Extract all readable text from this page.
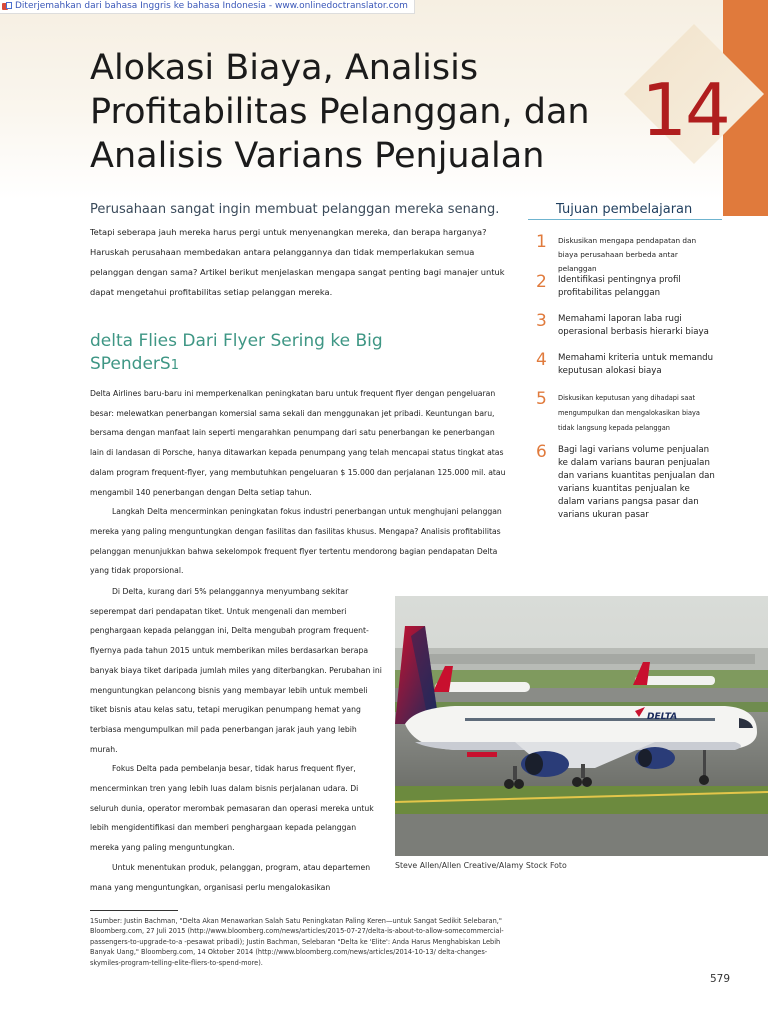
Diterjemahkan dari bahasa Inggris ke bahasa Indonesia - www.onlinedoctranslator.com
14
Alokasi Biaya, Analisis Profitabilitas Pelanggan, dan Analisis Varians Penjualan
Perusahaan sangat ingin membuat pelanggan mereka senang.
Tetapi seberapa jauh mereka harus pergi untuk menyenangkan mereka, dan berapa harganya? Haruskah perusahaan membedakan antara pelanggannya dan tidak memperlakukan semua pelanggan dengan sama? Artikel berikut menjelaskan mengapa sangat penting bagi manajer untuk dapat mengetahui profitabilitas setiap pelanggan mereka.
Tujuan pembelajaran
1	Diskusikan mengapa pendapatan dan biaya perusahaan berbeda antar pelanggan
2	Identifikasi pentingnya profil profitabilitas pelanggan
3	Memahami laporan laba rugi operasional berbasis hierarki biaya
4	Memahami kriteria untuk memandu keputusan alokasi biaya
5	Diskusikan keputusan yang dihadapi saat mengumpulkan dan mengalokasikan biaya tidak langsung kepada pelanggan
6	Bagi lagi varians volume penjualan ke dalam varians bauran penjualan dan varians kuantitas penjualan dan varians kuantitas penjualan ke dalam varians pangsa pasar dan varians ukuran pasar
delta Flies Dari Flyer Sering ke Big SPenderS1

Delta Airlines baru-baru ini memperkenalkan peningkatan baru untuk frequent flyer dengan pengeluaran besar: melewatkan penerbangan komersial sama sekali dan menggunakan jet pribadi. Keuntungan baru, bersama dengan manfaat lain seperti mengarahkan penumpang dari satu penerbangan ke penerbangan lain di landasan di Porsche, hanya ditawarkan kepada penumpang yang telah mencapai status tingkat atas dalam program frequent-flyer, yang membutuhkan pengeluaran $ 15.000 dan perjalanan 125.000 mil. atau mengambil 140 penerbangan dengan Delta setiap tahun.

Langkah Delta mencerminkan peningkatan fokus industri penerbangan untuk menghujani pelanggan mereka yang paling menguntungkan dengan fasilitas dan fasilitas khusus. Mengapa? Analisis profitabilitas pelanggan menunjukkan bahwa sekelompok frequent flyer tertentu mendorong bagian pendapatan Delta yang tidak proporsional.

Di Delta, kurang dari 5% pelanggannya menyumbang sekitar seperempat dari pendapatan tiket. Untuk mengenali dan memberi penghargaan kepada pelanggan ini, Delta mengubah program frequent-flyernya pada tahun 2015 untuk memberikan miles berdasarkan berapa banyak biaya tiket daripada jumlah miles yang diterbangkan. Perubahan ini menguntungkan pelancong bisnis yang membayar lebih untuk membeli tiket bisnis atau kelas satu, tetapi merugikan penumpang hemat yang terbiasa mengumpulkan mil pada penerbangan jarak jauh yang lebih murah.

Fokus Delta pada pembelanja besar, tidak harus frequent flyer, mencerminkan tren yang lebih luas dalam bisnis perjalanan udara. Di seluruh dunia, operator merombak pemasaran dan operasi mereka untuk lebih mengidentifikasi dan memberi penghargaan kepada pelanggan mereka yang paling menguntungkan.

Untuk menentukan produk, pelanggan, program, atau departemen mana yang menguntungkan, organisasi perlu mengalokasikan

DELTA
Steve Allen/Allen Creative/Alamy Stock Foto
1Sumber: Justin Bachman, "Delta Akan Menawarkan Salah Satu Peningkatan Paling Keren—untuk Sangat Sedikit Selebaran," Bloomberg.com, 27 Juli 2015 (http://www.bloomberg.com/news/articles/2015-07-27/delta-is-about-to-allow-somecommercial-passengers-to-upgrade-to-a -pesawat pribadi); Justin Bachman, Selebaran "Delta ke 'Elite': Anda Harus Menghabiskan Lebih Banyak Uang," Bloomberg.com, 14 Oktober 2014 (http://www.bloomberg.com/news/articles/2014-10-13/ delta-changes-skymiles-program-telling-elite-fliers-to-spend-more).
579
